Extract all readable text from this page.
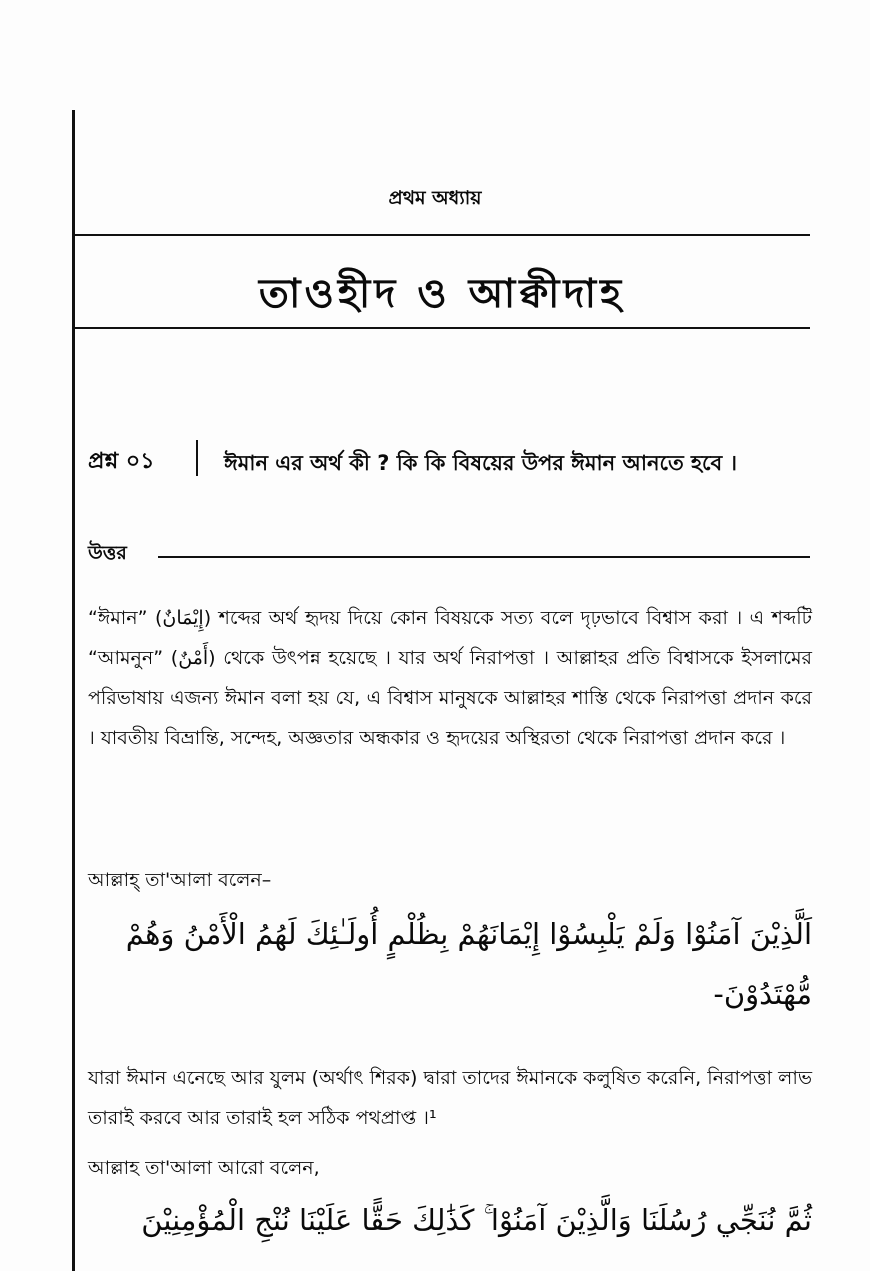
প্রথম অধ্যায়
তাওহীদ ও আক্বীদাহ
প্রশ্ন ০১	ঈমান এর অর্থ কী ? কি কি বিষয়ের উপর ঈমান আনতে হবে ।
উত্তর
“ঈমান” (إِيْمَانٌ) শব্দের অর্থ হৃদয় দিয়ে কোন বিষয়কে সত্য বলে দৃঢ়ভাবে বিশ্বাস করা । এ শব্দটি “আমনুন” (أَمْنٌ) থেকে উৎপন্ন হয়েছে । যার অর্থ নিরাপত্তা । আল্লাহর প্রতি বিশ্বাসকে ইসলামের পরিভাষায় এজন্য ঈমান বলা হয় যে, এ বিশ্বাস মানুষকে আল্লাহর শাস্তি থেকে নিরাপত্তা প্রদান করে । যাবতীয় বিভ্রান্তি, সন্দেহ, অজ্ঞতার অন্ধকার ও হৃদয়ের অস্থিরতা থেকে নিরাপত্তা প্রদান করে ।
আল্লাহ্ তা'আলা বলেন–
اَلَّذِيْنَ آمَنُوْا وَلَمْ يَلْبِسُوْا إِيْمَانَهُمْ بِظُلْمٍ أُولَـٰئِكَ لَهُمُ الْأَمْنُ وَهُمْ مُّهْتَدُوْنَ-
যারা ঈমান এনেছে আর যুলম (অর্থাৎ শিরক) দ্বারা তাদের ঈমানকে কলুষিত করেনি, নিরাপত্তা লাভ তারাই করবে আর তারাই হল সঠিক পথপ্রাপ্ত ।¹
আল্লাহ তা'আলা আরো বলেন,
ثُمَّ نُنَجِّي رُسُلَنَا وَالَّذِيْنَ آمَنُوْا ۚ كَذَٰلِكَ حَقًّا عَلَيْنَا نُنْجِ الْمُؤْمِنِيْنَ
